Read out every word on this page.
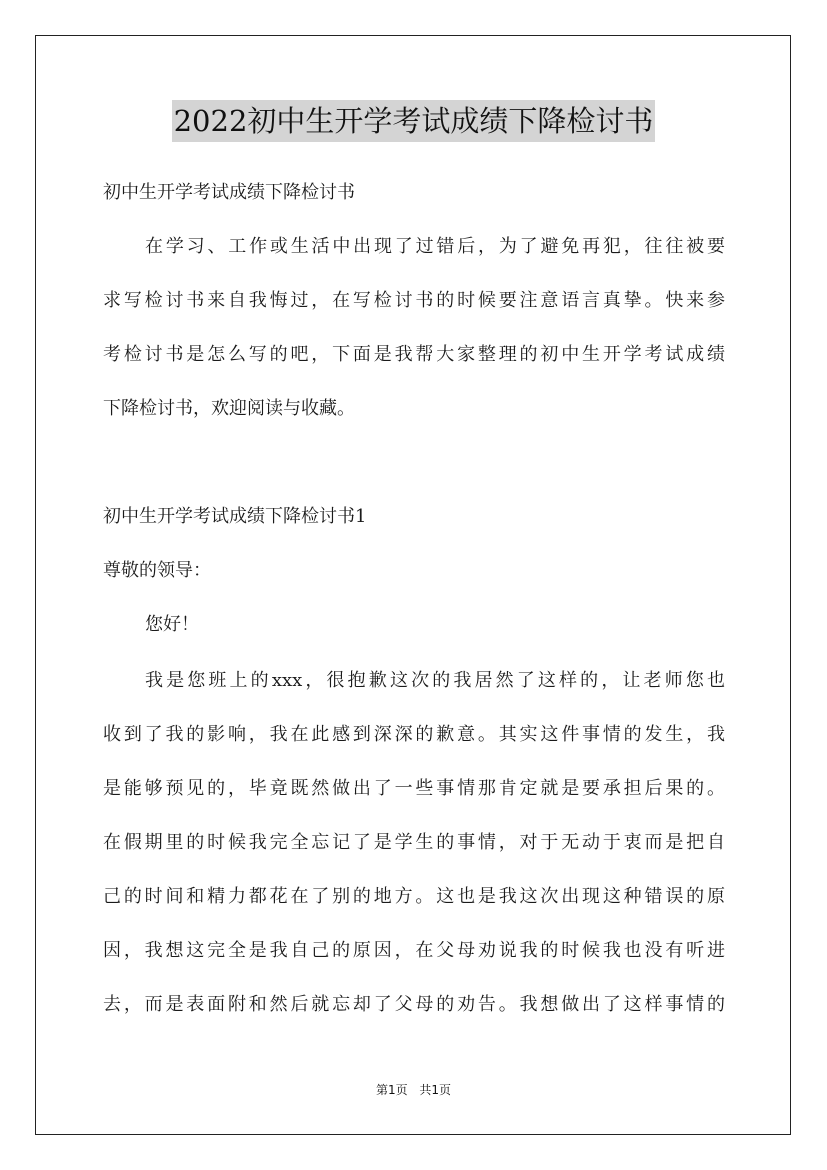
2022初中生开学考试成绩下降检讨书
初中生开学考试成绩下降检讨书
在学习、工作或生活中出现了过错后，为了避免再犯，往往被要
求写检讨书来自我悔过，在写检讨书的时候要注意语言真挚。快来参
考检讨书是怎么写的吧，下面是我帮大家整理的初中生开学考试成绩
下降检讨书，欢迎阅读与收藏。
初中生开学考试成绩下降检讨书1
尊敬的领导：
您好！
我是您班上的xxx，很抱歉这次的我居然了这样的，让老师您也
收到了我的影响，我在此感到深深的歉意。其实这件事情的发生，我
是能够预见的，毕竟既然做出了一些事情那肯定就是要承担后果的。
在假期里的时候我完全忘记了是学生的事情，对于无动于衷而是把自
己的时间和精力都花在了别的地方。这也是我这次出现这种错误的原
因，我想这完全是我自己的原因，在父母劝说我的时候我也没有听进
去，而是表面附和然后就忘却了父母的劝告。我想做出了这样事情的
第1页 共1页
